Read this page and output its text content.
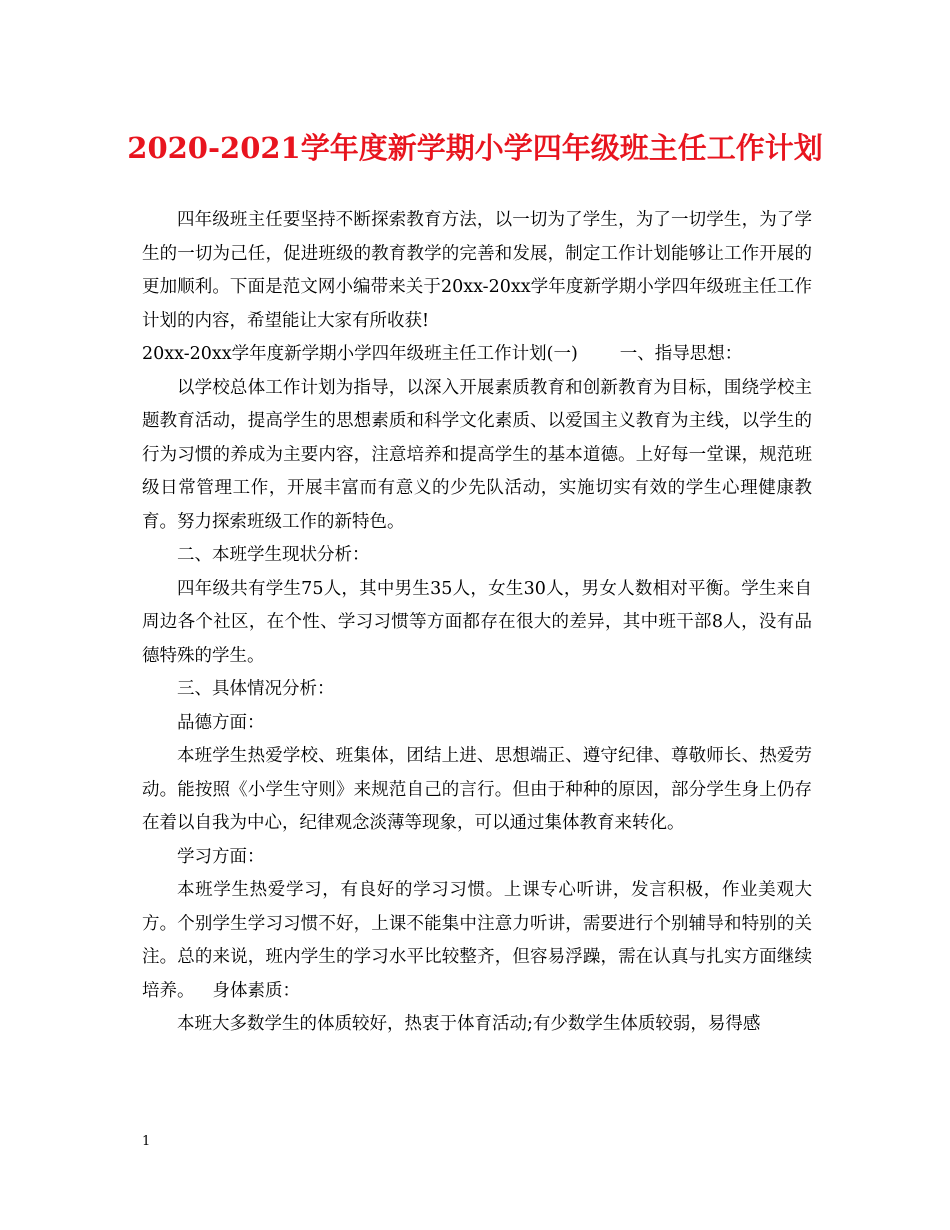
2020-2021学年度新学期小学四年级班主任工作计划

四年级班主任要坚持不断探索教育方法，以一切为了学生，为了一切学生，为了学生的一切为己任，促进班级的教育教学的完善和发展，制定工作计划能够让工作开展的更加顺利。下面是范文网小编带来关于20xx-20xx学年度新学期小学四年级班主任工作计划的内容，希望能让大家有所收获!

20xx-20xx学年度新学期小学四年级班主任工作计划(一) 一、指导思想：

以学校总体工作计划为指导，以深入开展素质教育和创新教育为目标，围绕学校主题教育活动，提高学生的思想素质和科学文化素质、以爱国主义教育为主线，以学生的行为习惯的养成为主要内容，注意培养和提高学生的基本道德。上好每一堂课，规范班级日常管理工作，开展丰富而有意义的少先队活动，实施切实有效的学生心理健康教育。努力探索班级工作的新特色。

二、本班学生现状分析：

四年级共有学生75人，其中男生35人，女生30人，男女人数相对平衡。学生来自周边各个社区，在个性、学习习惯等方面都存在很大的差异，其中班干部8人，没有品德特殊的学生。

三、具体情况分析：

品德方面：

本班学生热爱学校、班集体，团结上进、思想端正、遵守纪律、尊敬师长、热爱劳动。能按照《小学生守则》来规范自己的言行。但由于种种的原因，部分学生身上仍存在着以自我为中心，纪律观念淡薄等现象，可以通过集体教育来转化。

学习方面：

本班学生热爱学习，有良好的学习习惯。上课专心听讲，发言积极，作业美观大方。个别学生学习习惯不好，上课不能集中注意力听讲，需要进行个别辅导和特别的关注。总的来说，班内学生的学习水平比较整齐，但容易浮躁，需在认真与扎实方面继续培养。 身体素质：

本班大多数学生的体质较好，热衷于体育活动;有少数学生体质较弱，易得感

1
